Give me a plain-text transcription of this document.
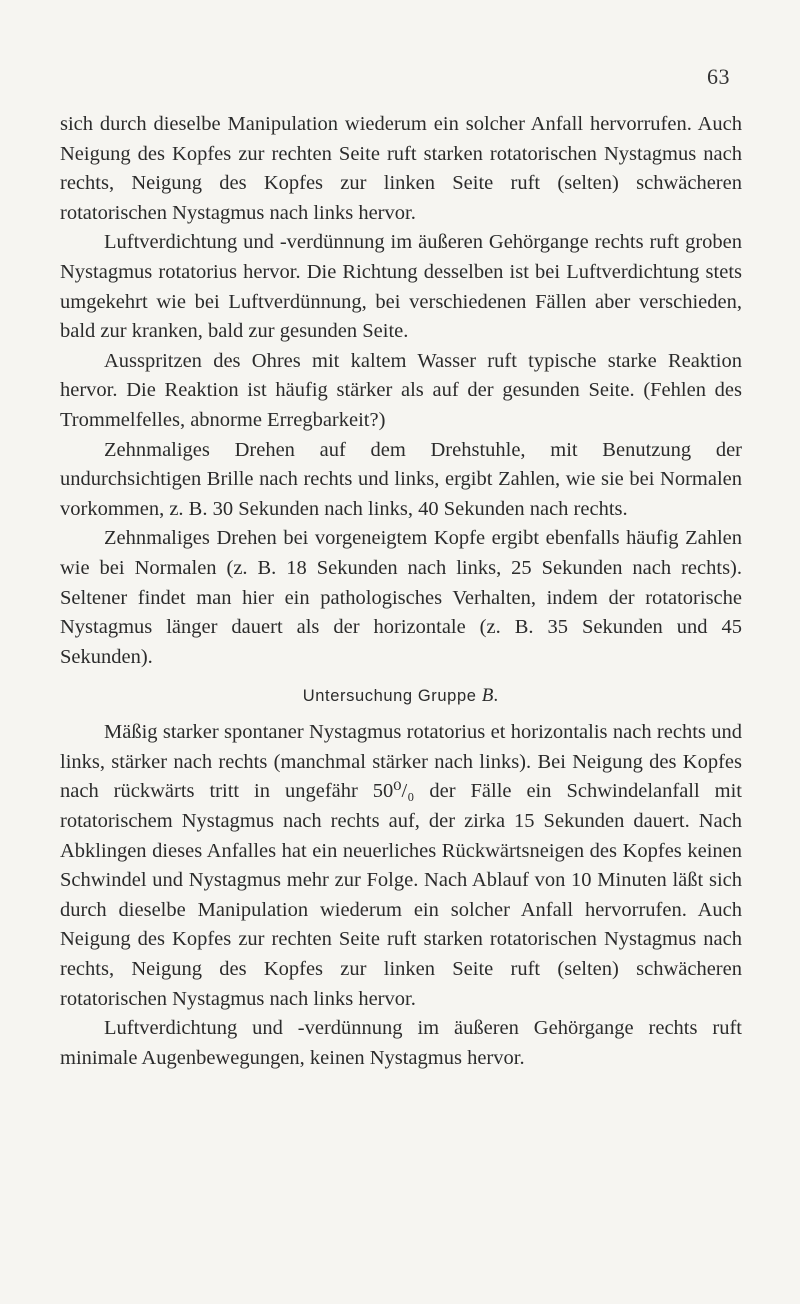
63

sich durch dieselbe Manipulation wiederum ein solcher Anfall hervorrufen. Auch Neigung des Kopfes zur rechten Seite ruft starken rotatorischen Nystagmus nach rechts, Neigung des Kopfes zur linken Seite ruft (selten) schwächeren rotatorischen Nystagmus nach links hervor.

Luftverdichtung und -verdünnung im äußeren Gehörgange rechts ruft groben Nystagmus rotatorius hervor. Die Richtung desselben ist bei Luftverdichtung stets umgekehrt wie bei Luftverdünnung, bei verschiedenen Fällen aber verschieden, bald zur kranken, bald zur gesunden Seite.

Ausspritzen des Ohres mit kaltem Wasser ruft typische starke Reaktion hervor. Die Reaktion ist häufig stärker als auf der gesunden Seite. (Fehlen des Trommelfelles, abnorme Erregbarkeit?)

Zehnmaliges Drehen auf dem Drehstuhle, mit Benutzung der undurchsichtigen Brille nach rechts und links, ergibt Zahlen, wie sie bei Normalen vorkommen, z. B. 30 Sekunden nach links, 40 Sekunden nach rechts.

Zehnmaliges Drehen bei vorgeneigtem Kopfe ergibt ebenfalls häufig Zahlen wie bei Normalen (z. B. 18 Sekunden nach links, 25 Sekunden nach rechts). Seltener findet man hier ein pathologisches Verhalten, indem der rotatorische Nystagmus länger dauert als der horizontale (z. B. 35 Sekunden und 45 Sekunden).

Untersuchung Gruppe B.

Mäßig starker spontaner Nystagmus rotatorius et horizontalis nach rechts und links, stärker nach rechts (manchmal stärker nach links). Bei Neigung des Kopfes nach rückwärts tritt in ungefähr 50⁰/₀ der Fälle ein Schwindelanfall mit rotatorischem Nystagmus nach rechts auf, der zirka 15 Sekunden dauert. Nach Abklingen dieses Anfalles hat ein neuerliches Rückwärtsneigen des Kopfes keinen Schwindel und Nystagmus mehr zur Folge. Nach Ablauf von 10 Minuten läßt sich durch dieselbe Manipulation wiederum ein solcher Anfall hervorrufen. Auch Neigung des Kopfes zur rechten Seite ruft starken rotatorischen Nystagmus nach rechts, Neigung des Kopfes zur linken Seite ruft (selten) schwächeren rotatorischen Nystagmus nach links hervor.

Luftverdichtung und -verdünnung im äußeren Gehörgange rechts ruft minimale Augenbewegungen, keinen Nystagmus hervor.
